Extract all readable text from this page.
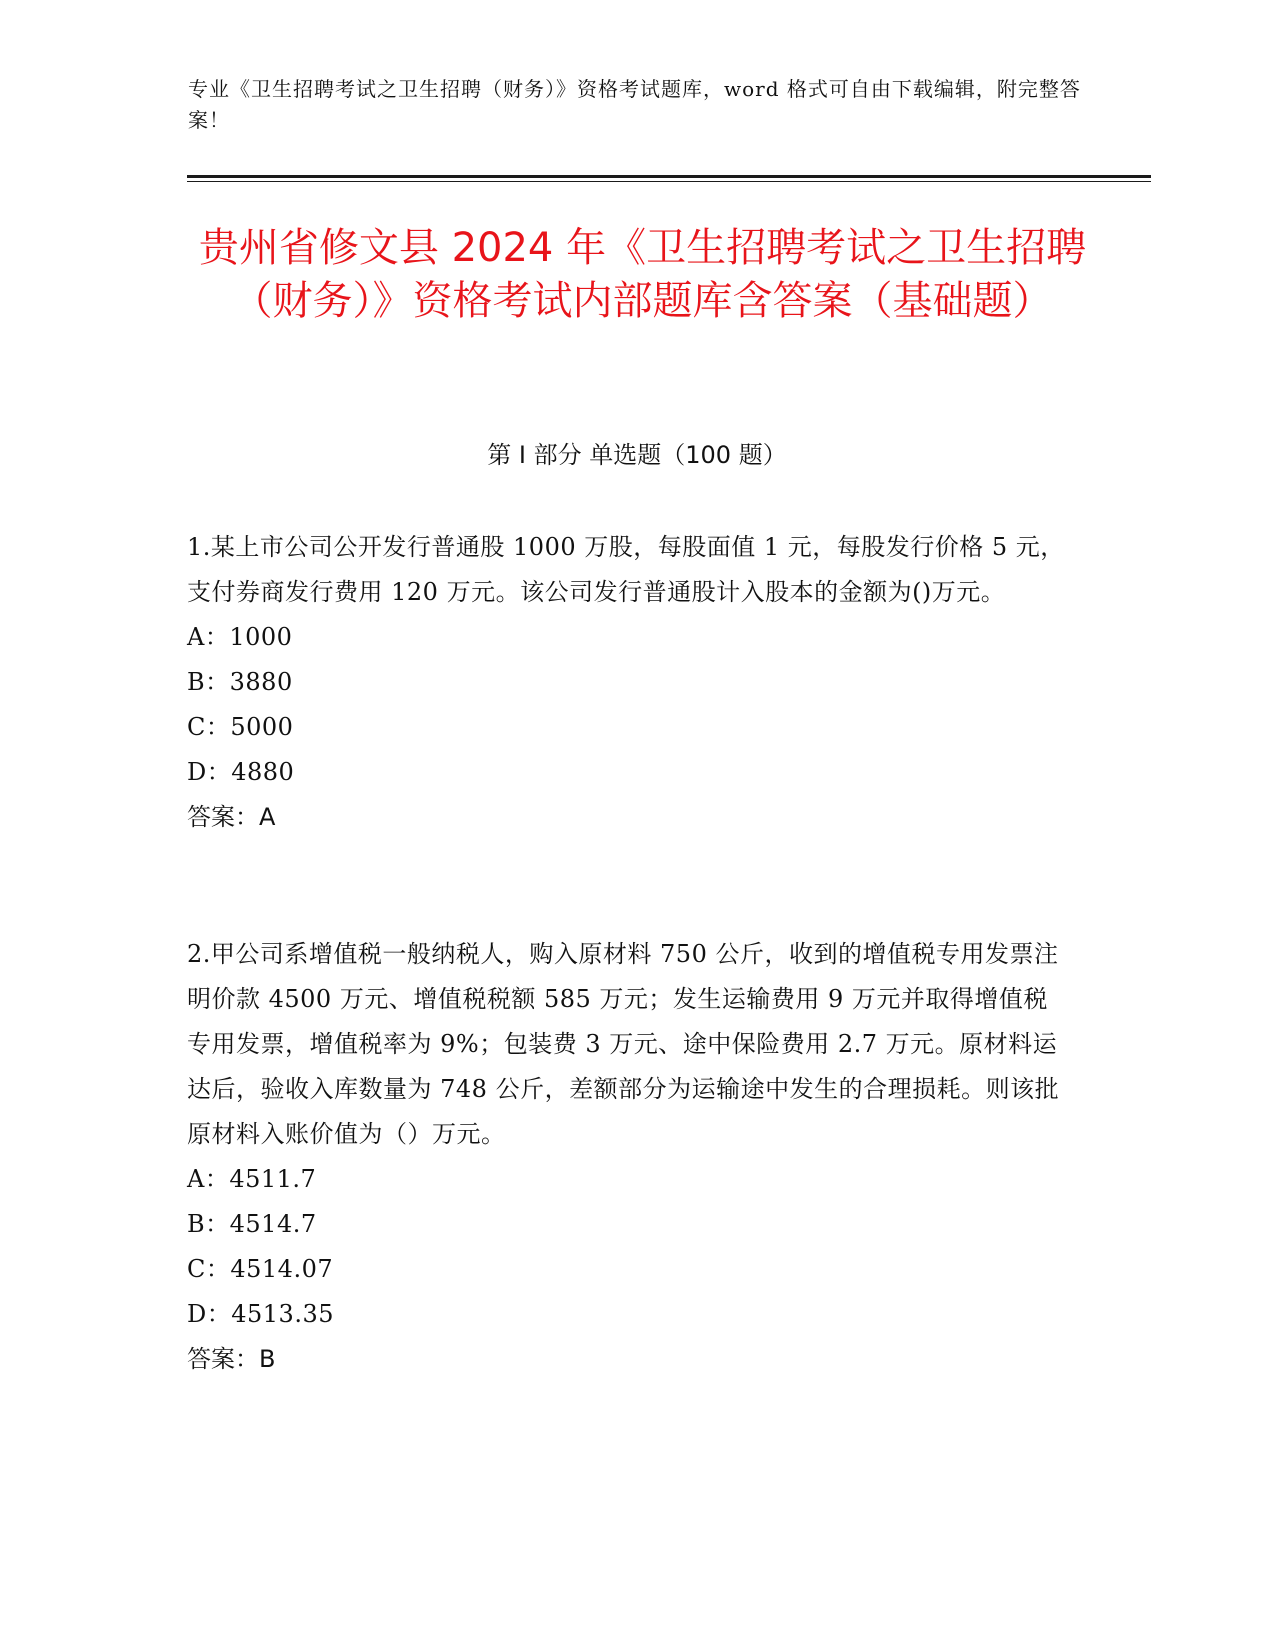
专业《卫生招聘考试之卫生招聘（财务）》资格考试题库，word 格式可自由下载编辑，附完整答案！

贵州省修文县 2024 年《卫生招聘考试之卫生招聘（财务）》资格考试内部题库含答案（基础题）
第 I 部分 单选题（100 题）

1.某上市公司公开发行普通股 1000 万股，每股面值 1 元，每股发行价格 5 元，支付券商发行费用 120 万元。该公司发行普通股计入股本的金额为()万元。

A：1000

B：3880

C：5000

D：4880

答案：A

2.甲公司系增值税一般纳税人，购入原材料 750 公斤，收到的增值税专用发票注明价款 4500 万元、增值税税额 585 万元；发生运输费用 9 万元并取得增值税专用发票，增值税率为 9%；包装费 3 万元、途中保险费用 2.7 万元。原材料运达后，验收入库数量为 748 公斤，差额部分为运输途中发生的合理损耗。则该批原材料入账价值为（）万元。

A：4511.7

B：4514.7

C：4514.07

D：4513.35

答案：B
